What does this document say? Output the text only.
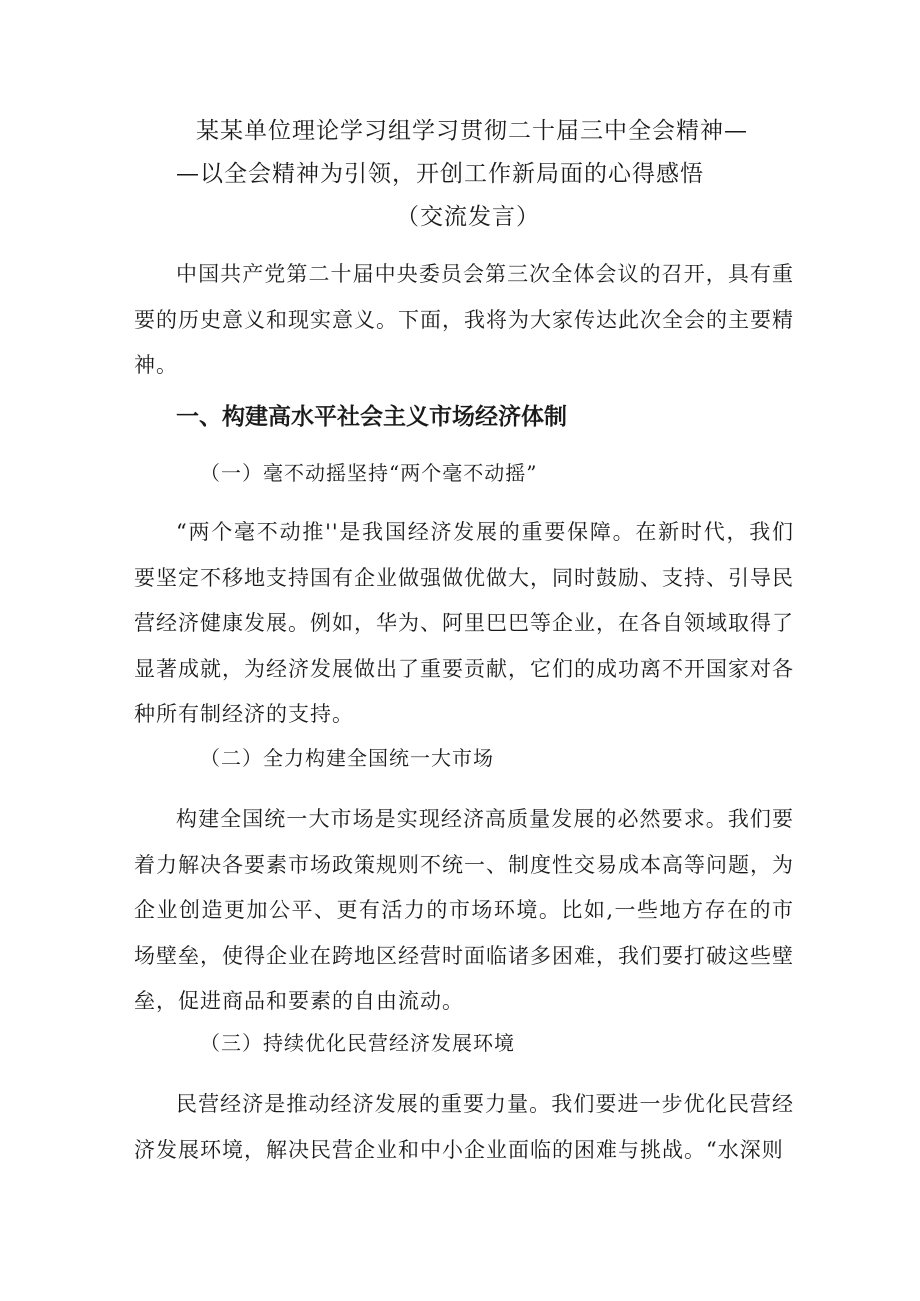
某某单位理论学习组学习贯彻二十届三中全会精神—
—以全会精神为引领，开创工作新局面的心得感悟
（交流发言）
中国共产党第二十届中央委员会第三次全体会议的召开，具有重要的历史意义和现实意义。下面，我将为大家传达此次全会的主要精神。
一、构建高水平社会主义市场经济体制
（一）毫不动摇坚持“两个毫不动摇”
“两个毫不动推''是我国经济发展的重要保障。在新时代，我们要坚定不移地支持国有企业做强做优做大，同时鼓励、支持、引导民营经济健康发展。例如，华为、阿里巴巴等企业，在各自领域取得了显著成就，为经济发展做出了重要贡献，它们的成功离不开国家对各种所有制经济的支持。
（二）全力构建全国统一大市场
构建全国统一大市场是实现经济高质量发展的必然要求。我们要着力解决各要素市场政策规则不统一、制度性交易成本高等问题，为企业创造更加公平、更有活力的市场环境。比如,一些地方存在的市场壁垒，使得企业在跨地区经营时面临诸多困难，我们要打破这些壁垒，促进商品和要素的自由流动。
（三）持续优化民营经济发展环境
民营经济是推动经济发展的重要力量。我们要进一步优化民营经济发展环境，解决民营企业和中小企业面临的困难与挑战。“水深则
